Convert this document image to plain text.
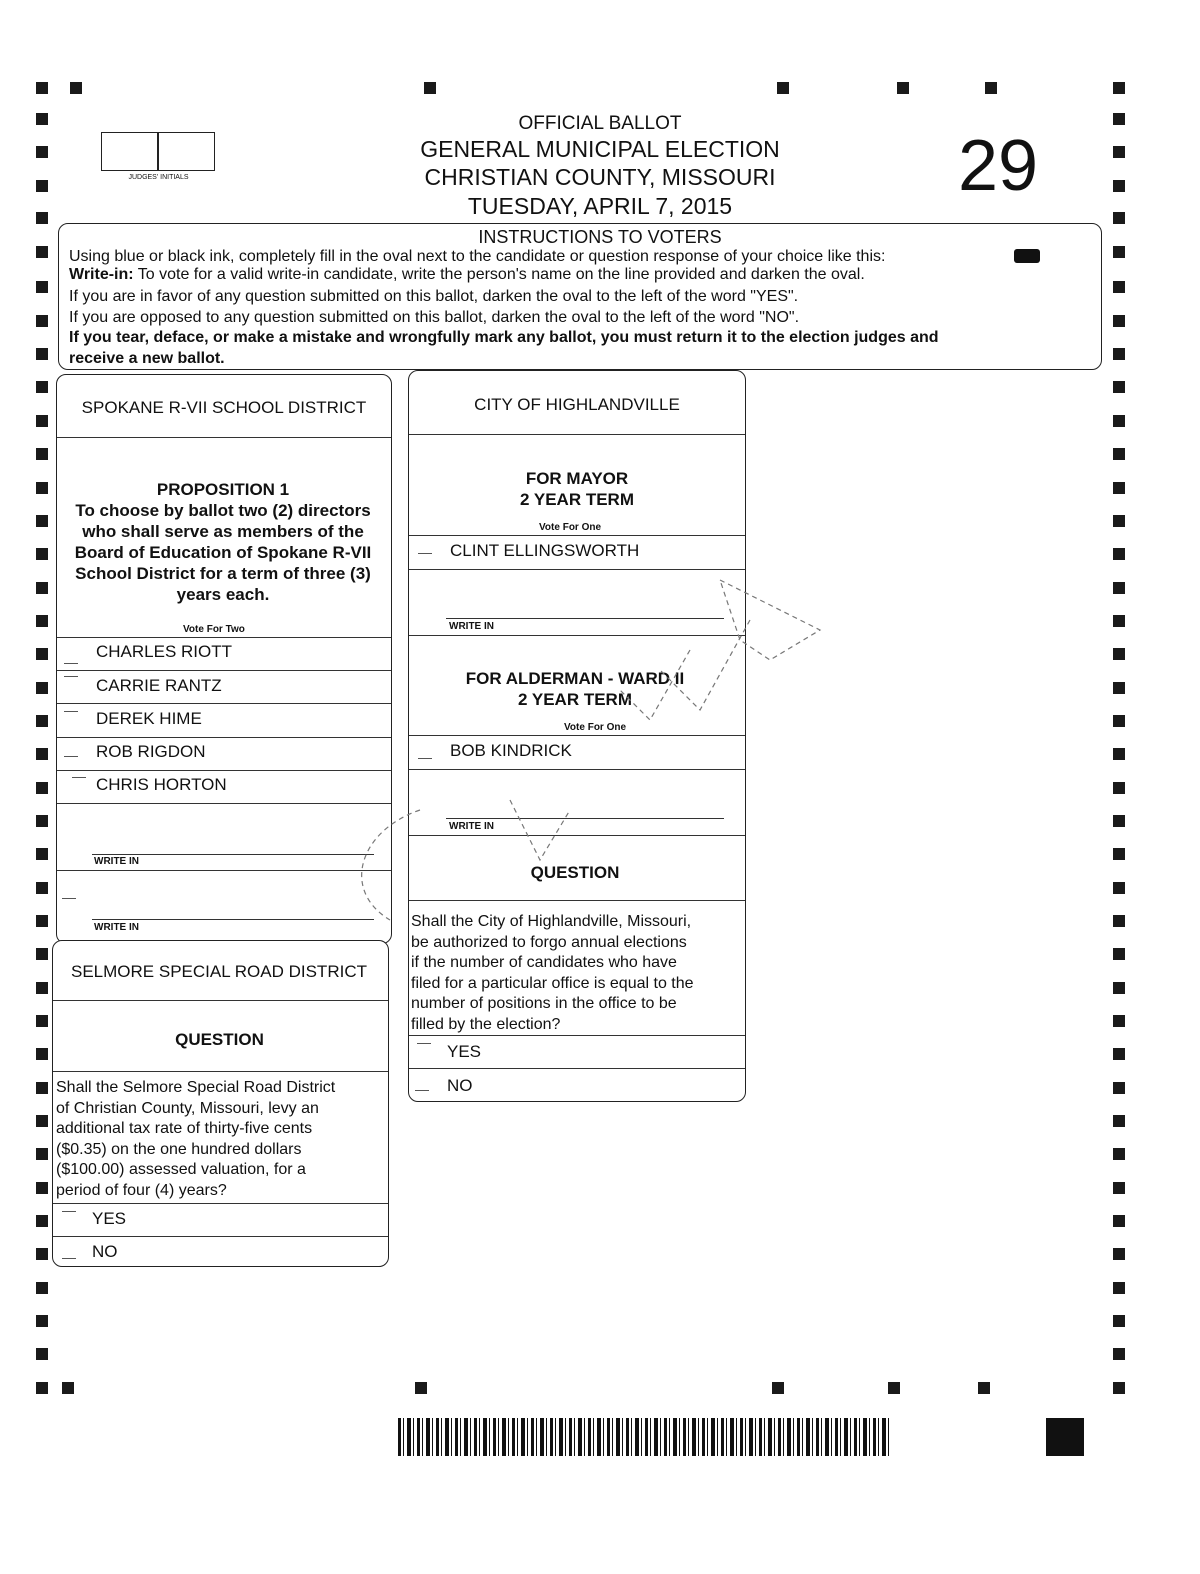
JUDGES' INITIALS
OFFICIAL BALLOT
GENERAL MUNICIPAL ELECTION
CHRISTIAN COUNTY, MISSOURI
TUESDAY, APRIL 7, 2015	29
INSTRUCTIONS TO VOTERS
Using blue or black ink, completely fill in the oval next to the candidate or question response of your choice like this:
Write-in: To vote for a valid write-in candidate, write the person's name on the line provided and darken the oval.
If you are in favor of any question submitted on this ballot, darken the oval to the left of the word "YES".
If you are opposed to any question submitted on this ballot, darken the oval to the left of the word "NO".
If you tear, deface, or make a mistake and wrongfully mark any ballot, you must return it to the election judges and
receive a new ballot.
SPOKANE R-VII SCHOOL DISTRICT
PROPOSITION 1
To choose by ballot two (2) directors
who shall serve as members of the
Board of Education of Spokane R-VII
School District for a term of three (3)
years each.
Vote For Two
CHARLES RIOTT
CARRIE RANTZ
DEREK HIME
ROB RIGDON
CHRIS HORTON
WRITE IN
WRITE IN
SELMORE SPECIAL ROAD DISTRICT
QUESTION
Shall the Selmore Special Road District
of Christian County, Missouri, levy an
additional tax rate of thirty-five cents
($0.35) on the one hundred dollars
($100.00) assessed valuation, for a
period of four (4) years?
YES
NO
CITY OF HIGHLANDVILLE
FOR MAYOR
2 YEAR TERM
Vote For One
CLINT ELLINGSWORTH
WRITE IN
FOR ALDERMAN - WARD II
2 YEAR TERM
Vote For One
BOB KINDRICK
WRITE IN
QUESTION
Shall the City of Highlandville, Missouri,
be authorized to forgo annual elections
if the number of candidates who have
filed for a particular office is equal to the
number of positions in the office to be
filled by the election?
YES
NO
